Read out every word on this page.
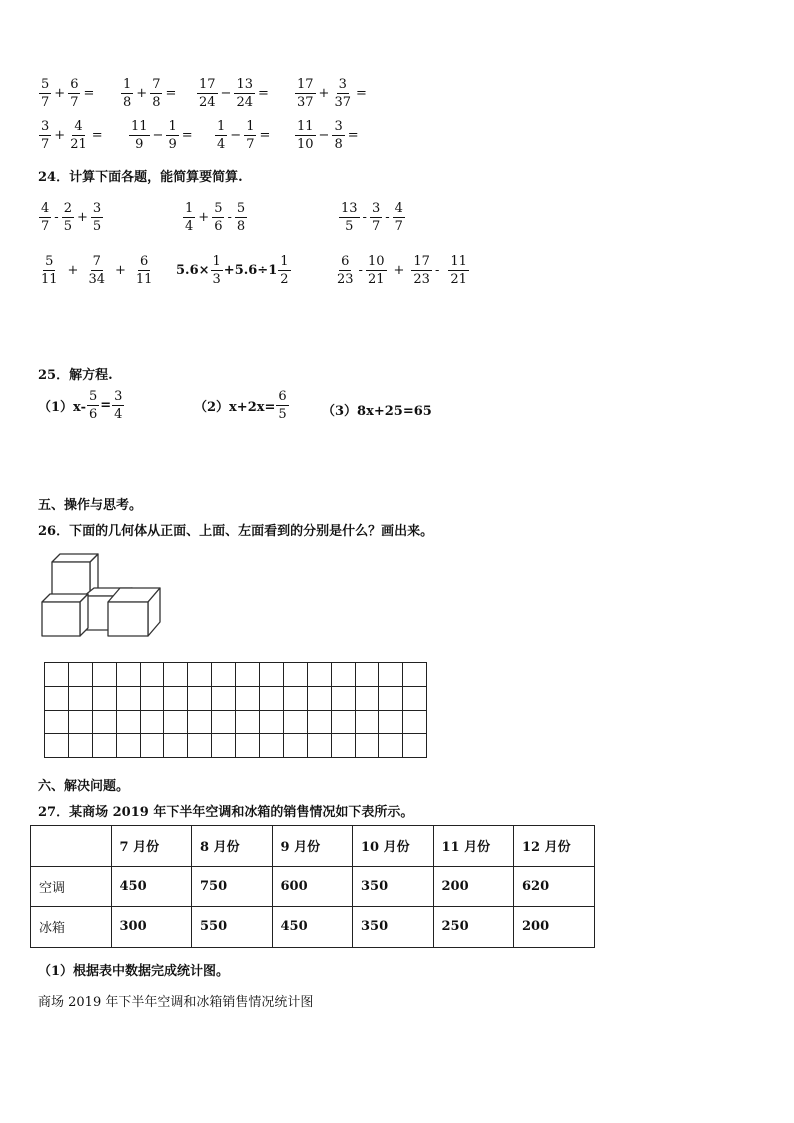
$\frac{5}{7} + \frac{6}{7} = \frac{1}{8} + \frac{7}{8} = \frac{17}{24} - \frac{13}{24} = \frac{17}{37} + \frac{3}{37}$ =
$\frac{3}{7} + \frac{4}{21} = \frac{11}{9} - \frac{1}{9} = \frac{1}{4} - \frac{1}{7} = \frac{11}{10} - \frac{3}{8}$ =
24．计算下面各题，能简算要简算.
$\frac{4}{7} - \frac{2}{5} + \frac{3}{5}$	$\frac{1}{4} + \frac{5}{6} - \frac{5}{8}$	$\frac{13}{5} - \frac{3}{7} - \frac{4}{7}$
$\frac{5}{11} + \frac{7}{34} + \frac{6}{11} 5.6\times \frac{1}{3} +5.6\div 1 \frac{1}{2}$	$\frac{6}{23} - \frac{10}{21} + \frac{17}{23} - \frac{11}{21}$
25．解方程.
$(1)x- \frac{5}{6} = \frac{3}{4}$	$(2)x+2x= \frac{6}{5}$	（3）8x+25=65
五、操作与思考。
26．下面的几何体从正面、上面、左面看到的分别是什么？画出来。

六、解决问题。
27．某商场 2019 年下半年空调和冰箱的销售情况如下表所示。
	7 月份	8 月份	9 月份	10 月份	11 月份	12 月份
空调	450	750	600	350	200	620
冰箱	300	550	450	350	250	200
（1）根据表中数据完成统计图。
商场 2019 年下半年空调和冰箱销售情况统计图
